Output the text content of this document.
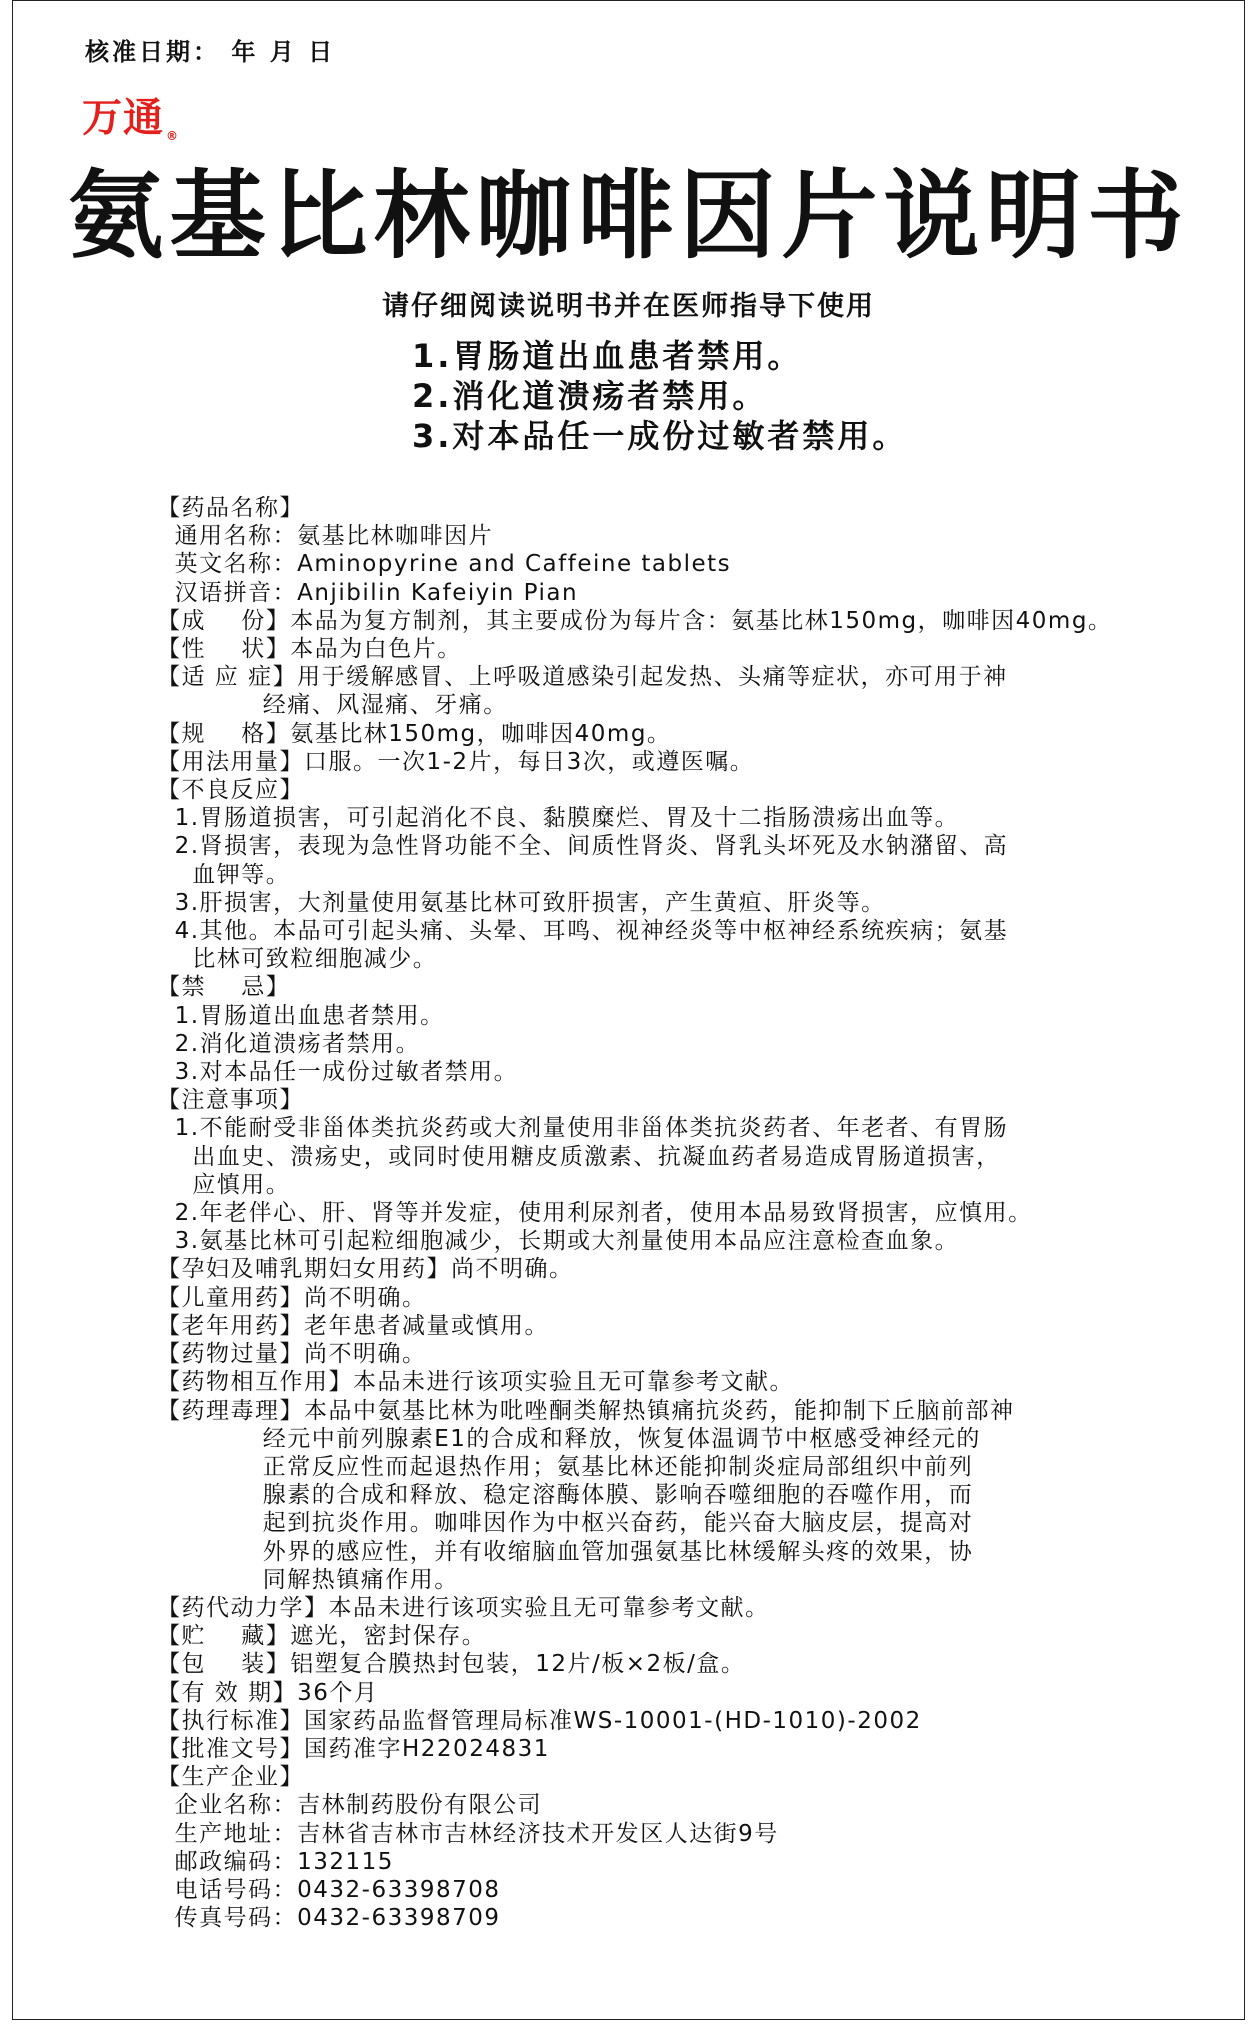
核准日期： 年 月 日
万通 ®
氨基比林咖啡因片说明书
请仔细阅读说明书并在医师指导下使用
1.胃肠道出血患者禁用。
2.消化道溃疡者禁用。
3.对本品任一成份过敏者禁用。
【药品名称】
通用名称：氨基比林咖啡因片
英文名称：Aminopyrine and Caffeine tablets
汉语拼音：Anjibilin Kafeiyin Pian
【成    份】本品为复方制剂，其主要成份为每片含：氨基比林150mg，咖啡因40mg。
【性    状】本品为白色片。
【适 应 症】用于缓解感冒、上呼吸道感染引起发热、头痛等症状，亦可用于神
经痛、风湿痛、牙痛。
【规    格】氨基比林150mg，咖啡因40mg。
【用法用量】口服。一次1-2片，每日3次，或遵医嘱。
【不良反应】
1.胃肠道损害，可引起消化不良、黏膜糜烂、胃及十二指肠溃疡出血等。
2.肾损害，表现为急性肾功能不全、间质性肾炎、肾乳头坏死及水钠潴留、高
血钾等。
3.肝损害，大剂量使用氨基比林可致肝损害，产生黄疸、肝炎等。
4.其他。本品可引起头痛、头晕、耳鸣、视神经炎等中枢神经系统疾病；氨基
比林可致粒细胞减少。
【禁    忌】
1.胃肠道出血患者禁用。
2.消化道溃疡者禁用。
3.对本品任一成份过敏者禁用。
【注意事项】
1.不能耐受非甾体类抗炎药或大剂量使用非甾体类抗炎药者、年老者、有胃肠
出血史、溃疡史，或同时使用糖皮质激素、抗凝血药者易造成胃肠道损害，
应慎用。
2.年老伴心、肝、肾等并发症，使用利尿剂者，使用本品易致肾损害，应慎用。
3.氨基比林可引起粒细胞减少，长期或大剂量使用本品应注意检查血象。
【孕妇及哺乳期妇女用药】尚不明确。
【儿童用药】尚不明确。
【老年用药】老年患者减量或慎用。
【药物过量】尚不明确。
【药物相互作用】本品未进行该项实验且无可靠参考文献。
【药理毒理】本品中氨基比林为吡唑酮类解热镇痛抗炎药，能抑制下丘脑前部神
经元中前列腺素E1的合成和释放，恢复体温调节中枢感受神经元的
正常反应性而起退热作用；氨基比林还能抑制炎症局部组织中前列
腺素的合成和释放、稳定溶酶体膜、影响吞噬细胞的吞噬作用，而
起到抗炎作用。咖啡因作为中枢兴奋药，能兴奋大脑皮层，提高对
外界的感应性，并有收缩脑血管加强氨基比林缓解头疼的效果，协
同解热镇痛作用。
【药代动力学】本品未进行该项实验且无可靠参考文献。
【贮    藏】遮光，密封保存。
【包    装】铝塑复合膜热封包装，12片/板×2板/盒。
【有 效 期】36个月
【执行标准】国家药品监督管理局标准WS-10001-(HD-1010)-2002
【批准文号】国药准字H22024831
【生产企业】
企业名称：吉林制药股份有限公司
生产地址：吉林省吉林市吉林经济技术开发区人达街9号
邮政编码：132115
电话号码：0432-63398708
传真号码：0432-63398709
